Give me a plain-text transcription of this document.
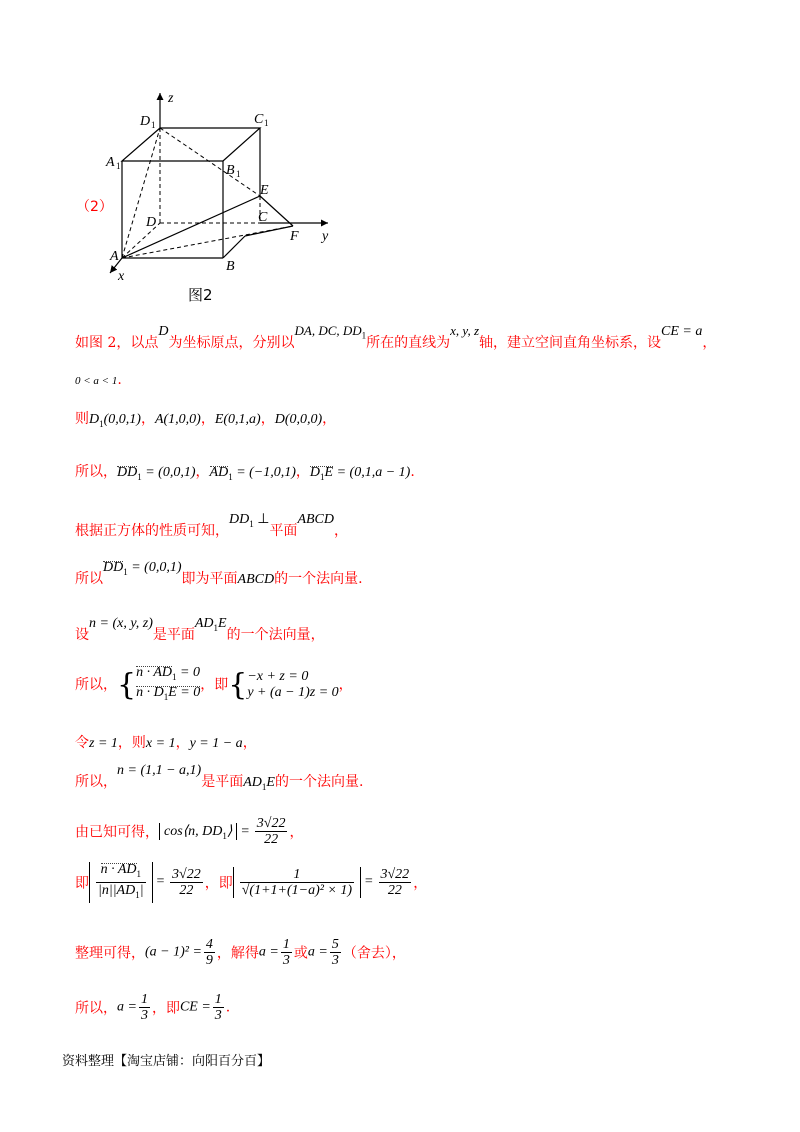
（2）
z
y
x
D 1	C 1
A 1	B 1
E
C
D
F
A
B
图2
如图 2，以点D为坐标原点，分别以DA, DC, $DD_1$所在的直线为x, y, z轴，建立空间直角坐标系，设CE = a，
0 < a < 1.
则$D_1(0,0,1)$，A(1,0,0)，E(0,1,a)，D(0,0,0)，
所以，$DD_1 = (0,0,1)$，$AD_1 = (-1,0,1)$，$D_1E = (0,1,a - 1)$.
根据正方体的性质可知，$DD_1$ ⊥平面ABCD，
所以$DD_1 = (0,0,1)$即为平面ABCD的一个法向量.
设n = (x, y, z)是平面$AD_1E$的一个法向量，
所以，{$n \cdot AD_1 = 0$
$n \cdot D_1E = 0$，即{−x + z = 0
y + (a − 1)z = 0，
令z = 1，则x = 1，y = 1 − a，
所以，n = (1,1 − a,1)是平面$AD_1E$的一个法向量.
由已知可得， cos⟨n, $DD_1⟩ = \frac{3√22}{22}$ ，
即 $\frac{n \cdot AD_1}{|n||AD_1|} = \frac{3√22}{22}$ ，即 $\frac{1}{\text{√(1+1+(1−a)² × 1)}} = \frac{3√22}{22}$ ，
整理可得，$(a - 1)^2 = \frac{4}{9}$ ，解得$a = \frac{1}{3}$ 或$a = \frac{5}{3}$ （舍去），
所以，$a = \frac{1}{3}$ ，即CE = $\frac{1}{3}$ .
资料整理【淘宝店铺：向阳百分百】
